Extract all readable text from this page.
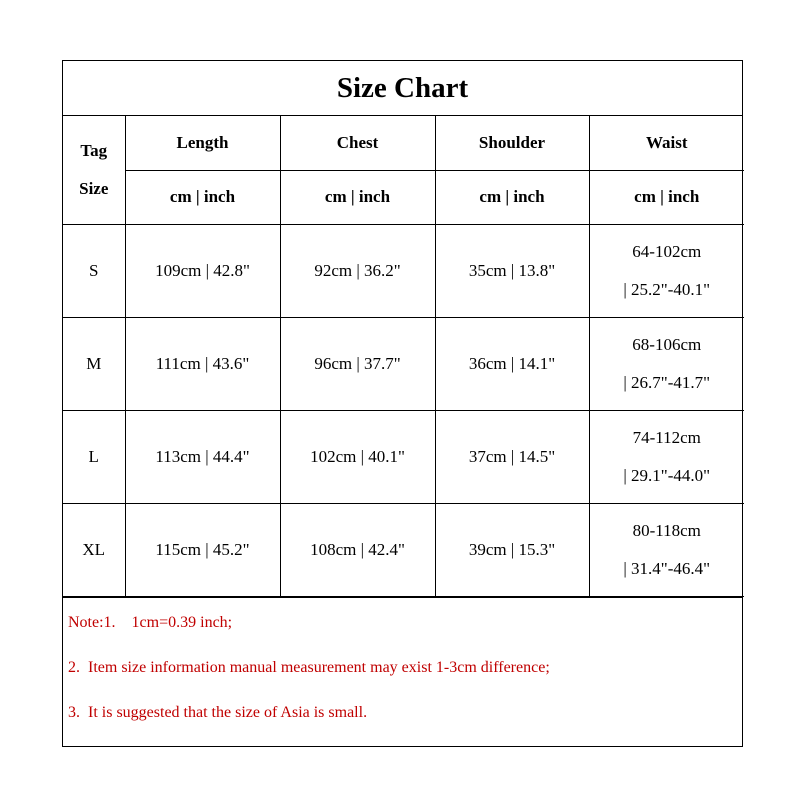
Size Chart
Tag
Size	Length	Chest	Shoulder	Waist
	cm | inch	cm | inch	cm | inch	cm | inch
S	109cm | 42.8"	92cm | 36.2"	35cm | 13.8"	64-102cm
| 25.2"-40.1"

M	111cm | 43.6"	96cm | 37.7"	36cm | 14.1"	68-106cm
| 26.7"-41.7"

L	113cm | 44.4"	102cm | 40.1"	37cm | 14.5"	74-112cm
| 29.1"-44.0"

XL	115cm | 45.2"	108cm | 42.4"	39cm | 15.3"	80-118cm
| 31.4"-46.4"
Note:1.    1cm=0.39 inch;
2.  Item size information manual measurement may exist 1-3cm difference;
3.  It is suggested that the size of Asia is small.
